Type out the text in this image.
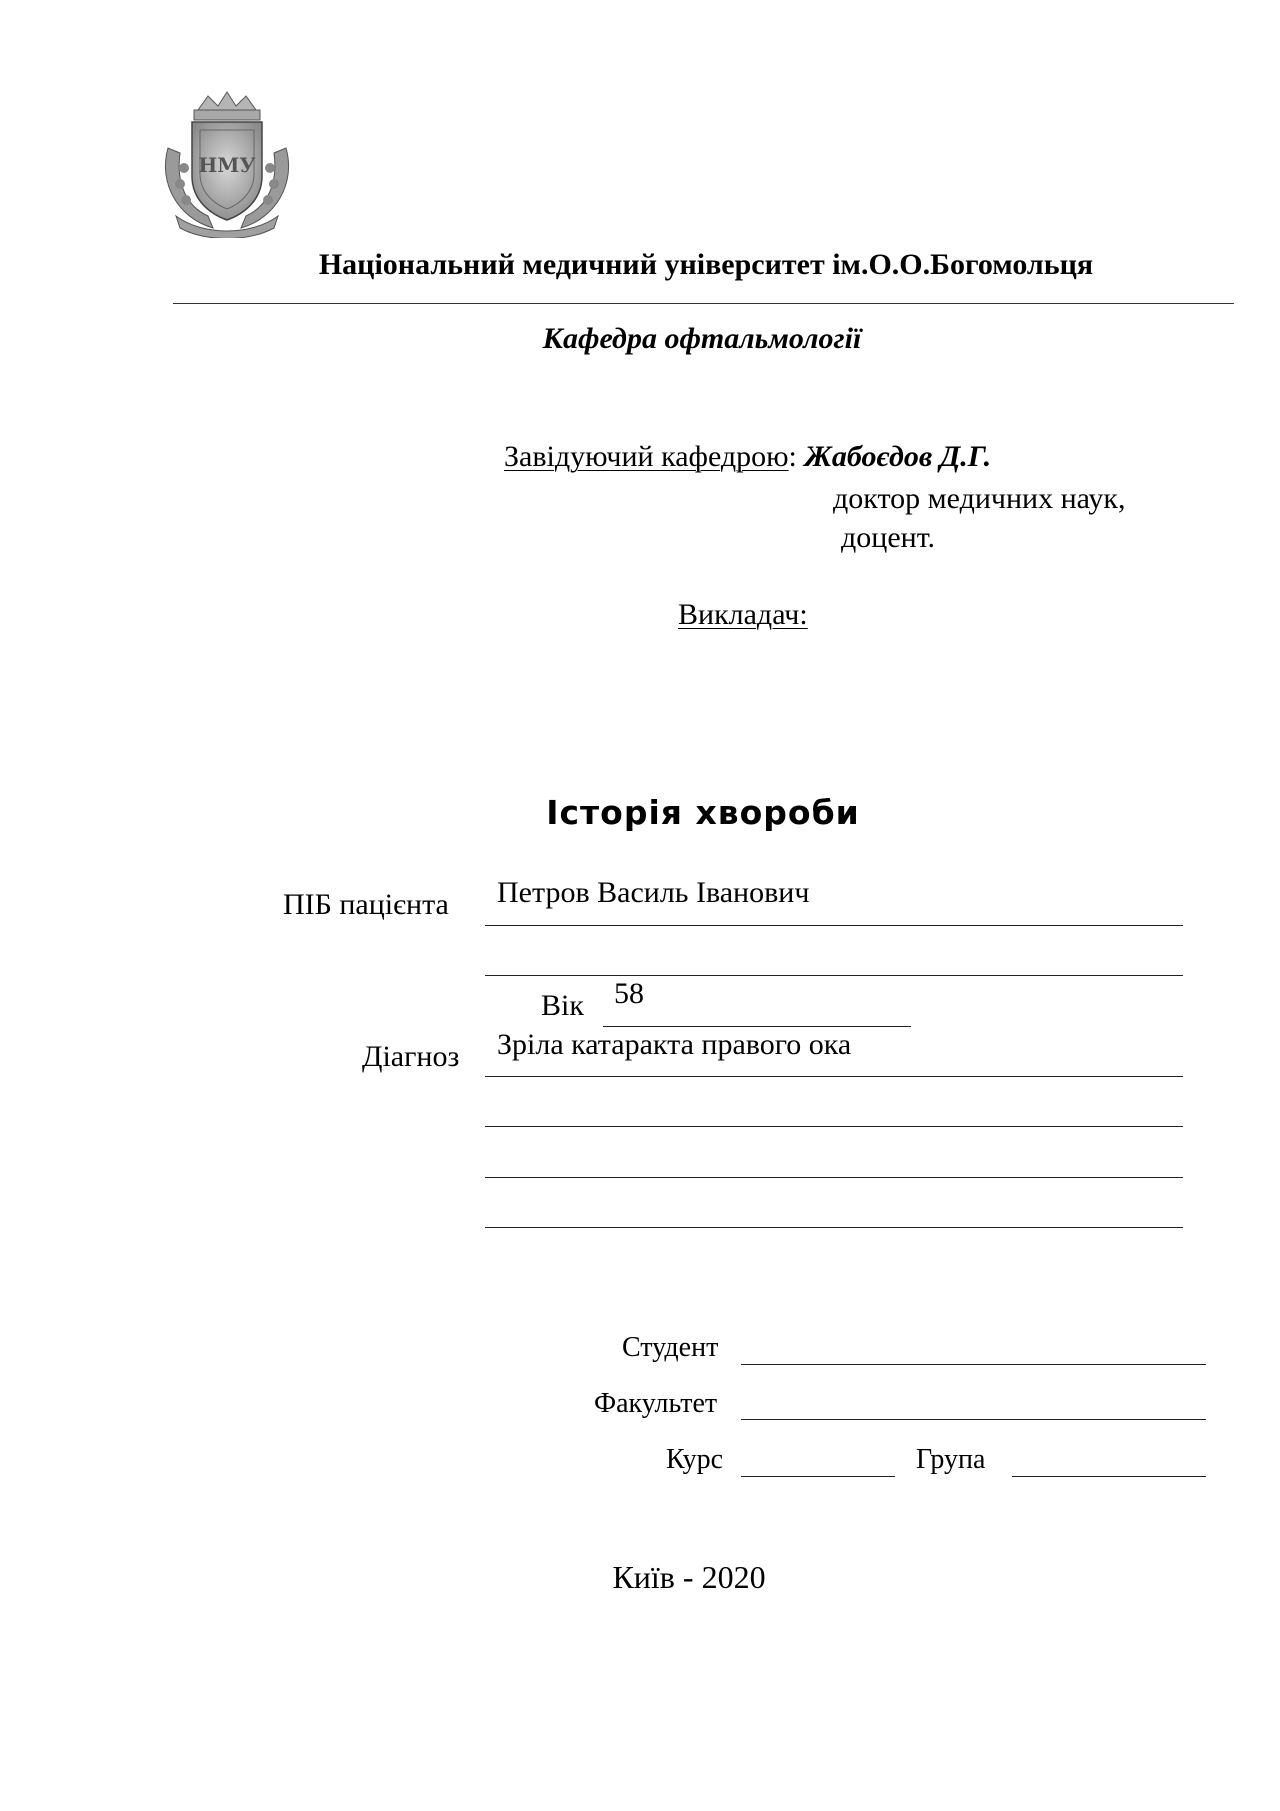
НМУ
Національний медичний університет ім.О.О.Богомольця
Кафедра офтальмології
Завідуючий кафедрою: Жабоєдов Д.Г.
доктор медичних наук,
доцент.
Викладач:
Історія хвороби
ПІБ пацієнта Петров Василь Іванович
Вік 58
Діагноз Зріла катаракта правого ока
Студент
Факультет
Курс	Група
Київ - 2020
